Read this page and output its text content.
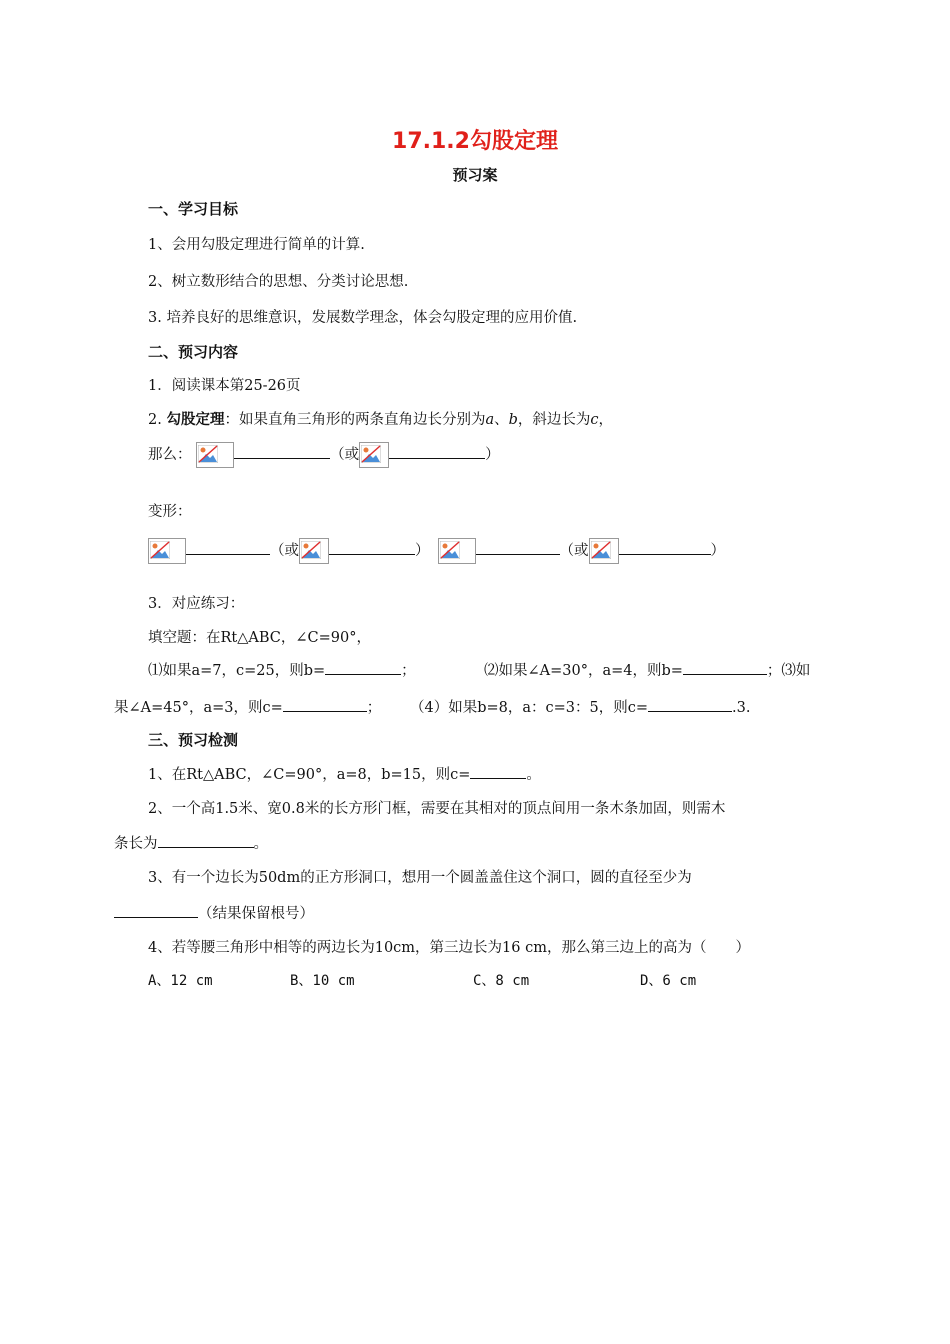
17.1.2勾股定理
预习案
一、学习目标
1、会用勾股定理进行简单的计算.
2、树立数形结合的思想、分类讨论思想.
3. 培养良好的思维意识，发展数学理念，体会勾股定理的应用价值.
二、预习内容
1．阅读课本第25-26页
2. 勾股定理：如果直角三角形的两条直角边长分别为a、b，斜边长为c，
那么：	（或	）
变形：
（或	）	（或	）
3．对应练习：
填空题：在Rt△ABC，∠C=90°，
⑴如果a=7，c=25，则b=	；	⑵如果∠A=30°，a=4，则b=	；⑶如
果∠A=45°，a=3，则c=	； （4）如果b=8，a：c=3：5，则c=	.3.
三、预习检测
1、在Rt△ABC，∠C=90°，a=8，b=15，则c=	。
2、一个高1.5米、宽0.8米的长方形门框，需要在其相对的顶点间用一条木条加固，则需木
条长为	。
3、有一个边长为50dm的正方形洞口，想用一个圆盖盖住这个洞口，圆的直径至少为
（结果保留根号）
4、若等腰三角形中相等的两边长为10cm，第三边长为16 cm，那么第三边上的高为（　　）
A、12 cm	B、10 cm	C、8 cm	D、6 cm
